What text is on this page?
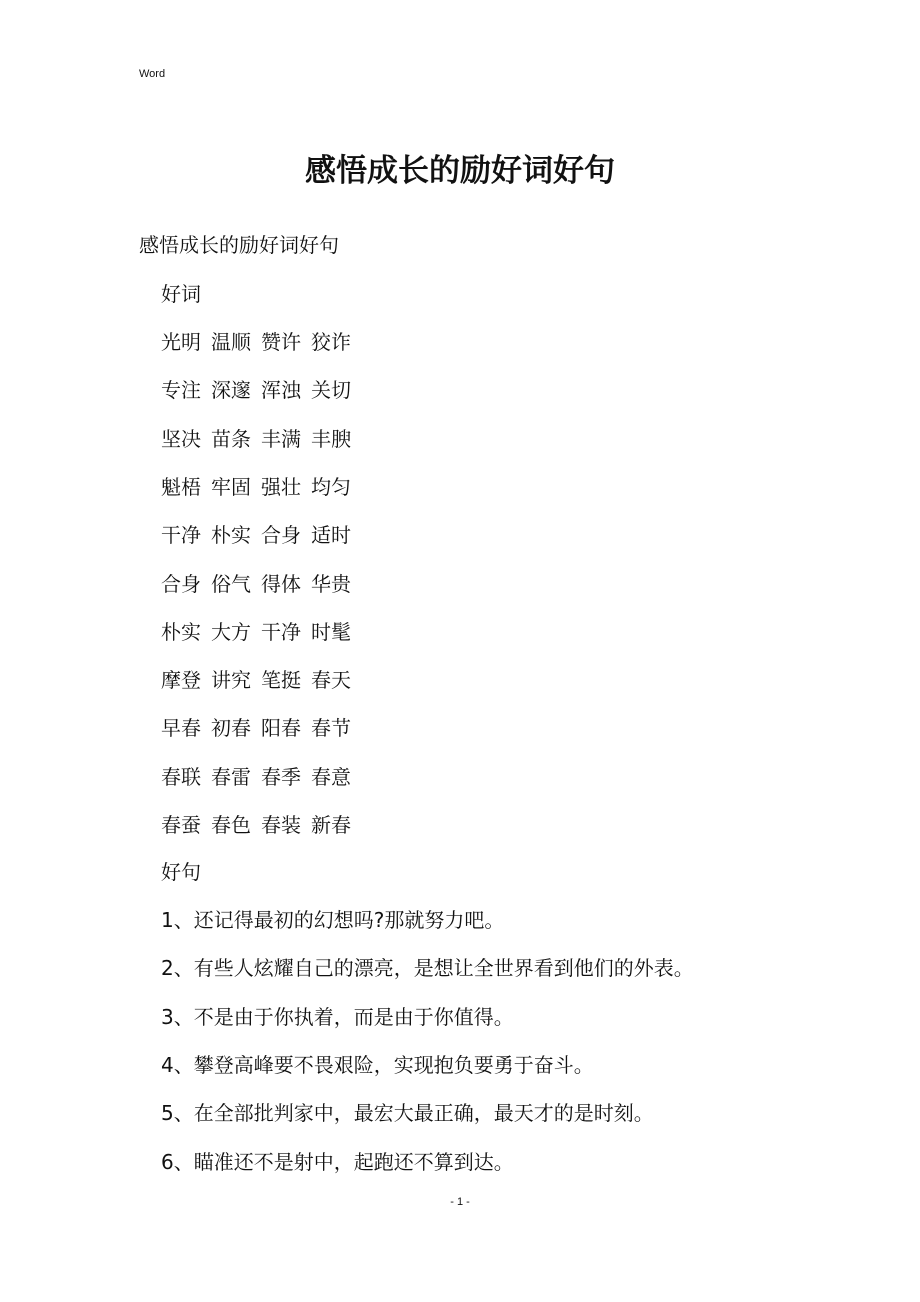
Word
感悟成长的励好词好句
感悟成长的励好词好句
好词
光明 温顺 赞许 狡诈
专注 深邃 浑浊 关切
坚决 苗条 丰满 丰腴
魁梧 牢固 强壮 均匀
干净 朴实 合身 适时
合身 俗气 得体 华贵
朴实 大方 干净 时髦
摩登 讲究 笔挺 春天
早春 初春 阳春 春节
春联 春雷 春季 春意
春蚕 春色 春装 新春
好句
1、还记得最初的幻想吗?那就努力吧。
2、有些人炫耀自己的漂亮，是想让全世界看到他们的外表。
3、不是由于你执着，而是由于你值得。
4、攀登高峰要不畏艰险，实现抱负要勇于奋斗。
5、在全部批判家中，最宏大最正确，最天才的是时刻。
6、瞄准还不是射中，起跑还不算到达。
- 1 -
